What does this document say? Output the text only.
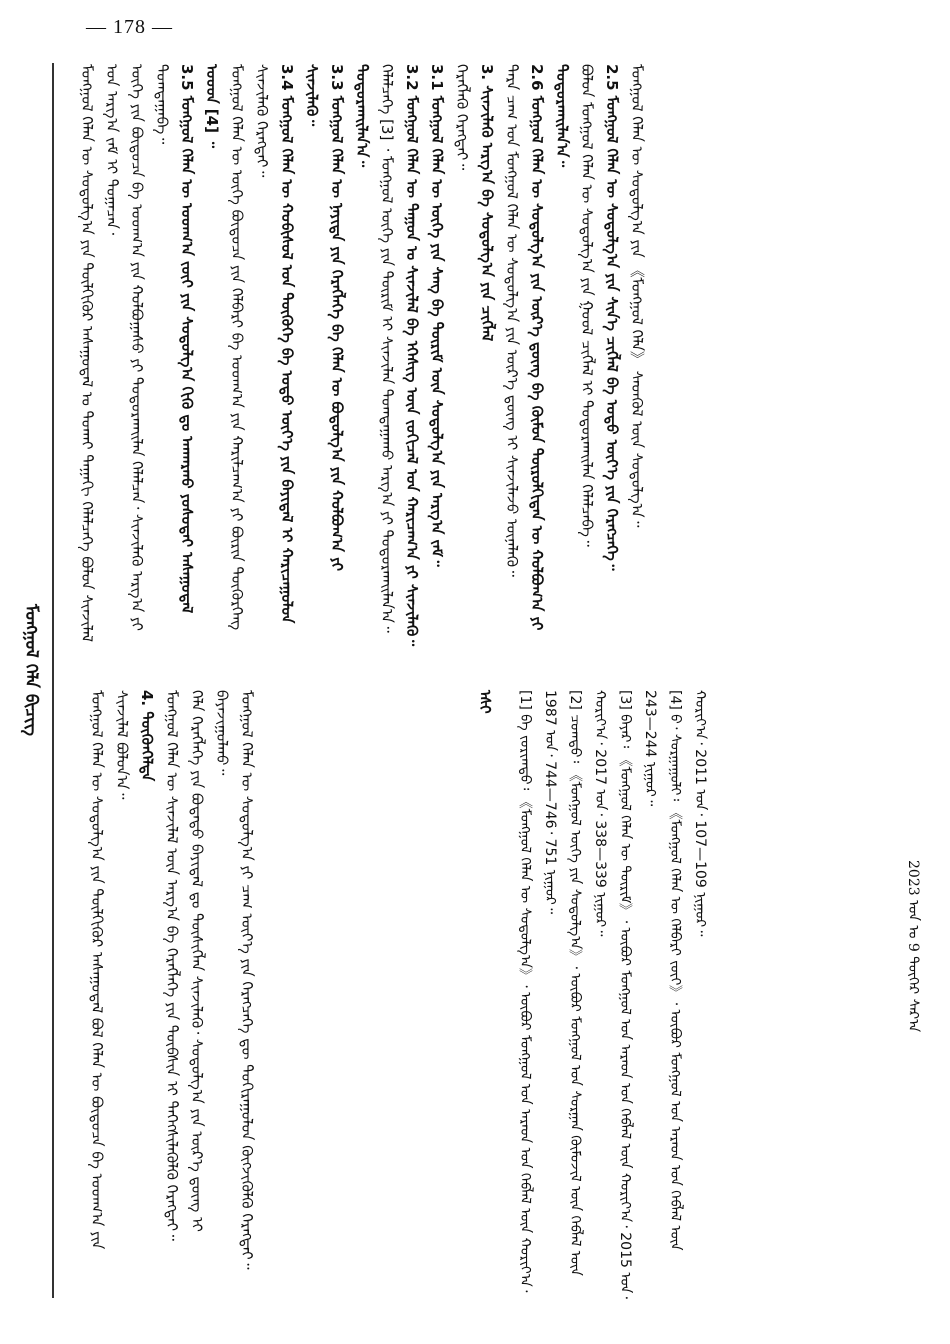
— 178 —
ᠮᠣᠩᠭᠣᠯ ᠬᠡᠯᠡ ᠪᠢᠴᠢᠭ᠌

ᠮᠣᠩᠭᠣᠯ ᠬᠡᠯᠡᠨ ᠦ ᠰᠤᠳᠤᠯᠭ᠎ᠠ ᠶᠢᠨ ᠲᠦᠯᠬᠢᠭᠦᠷ ᠠᠰᠠᠭᠤᠳᠠᠯ ᠤ ᠲᠤᠬᠠᠢ ᠳᠠᠭᠠᠬᠢ ᠬᠡᠯᠡᠯᠴᠡᠭᠡ ᠪᠣᠯᠤᠨ ᠰᠢᠨᠵᠢᠯᠡᠯ ᠤᠨ ᠠᠷᠭ᠎ᠠ ᠵᠠᠮ ᠢ ᠲᠣᠭᠠᠴᠠᠨ᠂ ᠦᠭᠡ ᠶᠢᠨ ᠪᠦᠲᠦᠴᠡ ᠪᠠ ᠤᠳᠬ᠎ᠠ ᠶᠢᠨ ᠬᠣᠯᠪᠣᠭᠠᠰᠤ ᠶᠢ ᠲᠣᠳᠤᠷᠬᠠᠢᠯᠠᠨ ᠬᠡᠯᠡᠯᠴᠡᠨ᠂ ᠰᠢᠨᠵᠢᠯᠡᠬᠦ ᠠᠷᠭ᠎ᠠ ᠶᠢ ᠲᠣᠭᠲᠠᠭᠠᠪᠠ᠃ 3.5 ᠮᠣᠩᠭᠣᠯ ᠬᠡᠯᠡᠨ ᠦ ᠤᠳᠬ᠎ᠠ ᠵᠦᠢ ᠶᠢᠨ ᠰᠤᠳᠤᠯᠭ᠎ᠠ ᠬᠢᠬᠦ ᠳᠤ ᠠᠨᠬᠠᠷᠬᠤ ᠶᠣᠰᠣᠲᠠᠢ ᠠᠰᠠᠭᠤᠳᠠᠯ ᠤᠤᠳ [4] ᠃ ᠮᠣᠩᠭᠣᠯ ᠬᠡᠯᠡᠨ ᠦ ᠦᠭᠡ ᠪᠦᠲᠦᠴᠡ ᠶᠢᠨ ᠬᠡᠯᠪᠡᠷᠢ ᠪᠠ ᠤᠳᠬ᠎ᠠ ᠶᠢᠨ ᠬᠠᠷᠢᠯᠴᠠᠭ᠎ᠠ ᠶᠢ ᠪᠦᠷᠢᠨ ᠳᠦᠭᠦᠷᠭᠡᠩ ᠰᠢᠨᠵᠢᠯᠡᠬᠦ ᠬᠡᠷᠡᠭᠲᠡᠢ᠃ 3.4 ᠮᠣᠩᠭᠣᠯ ᠬᠡᠯᠡᠨ ᠦ ᠬᠣᠪᠢᠰᠤᠯ ᠤᠨ ᠲᠦᠭᠦᠬᠡ ᠪᠠ ᠣᠳᠣ ᠦᠶ᠎ᠡ ᠶᠢᠨ ᠪᠠᠶᠢᠳᠠᠯ ᠢ ᠬᠠᠷᠢᠴᠠᠭᠤᠯᠤᠨ ᠰᠢᠨᠵᠢᠯᠡᠬᠦ᠃ 3.3 ᠮᠣᠩᠭᠣᠯ ᠬᠡᠯᠡᠨ ᠦ ᠨᠡᠶᠢᠲᠡ ᠶᠢᠨ ᠬᠡᠷᠡᠭᠯᠡᠭᠡ ᠪᠠ ᠬᠡᠯᠡᠨ ᠦ ᠪᠣᠳᠤᠯᠭ᠎ᠠ ᠶᠢᠨ ᠬᠣᠯᠪᠣᠭ᠎ᠠ ᠶᠢ ᠲᠣᠳᠤᠷᠬᠠᠢᠯᠠᠨ᠎ᠠ᠃ ᠬᠡᠯᠡᠯᠴᠡᠭᠡ [3] ᠂ ᠮᠣᠩᠭᠣᠯ ᠦᠭᠡ ᠶᠢᠨ ᠳᠦᠷᠢᠮ ᠢ ᠰᠢᠨᠵᠢᠯᠡᠨ ᠲᠣᠭᠲᠠᠭᠠᠬᠤ ᠠᠷᠭ᠎ᠠ ᠶᠢ ᠲᠣᠳᠤᠷᠬᠠᠢᠯᠠᠨ᠎ᠠ᠃ 3.2 ᠮᠣᠩᠭᠣᠯ ᠬᠡᠯᠡᠨ ᠦ ᠳᠠᠭᠤᠨ ᠤ ᠰᠢᠨᠵᠢᠯᠡᠯ ᠪᠠ ᠡᠭᠡᠰᠢᠭ ᠦᠨ ᠵᠣᠬᠢᠴᠠᠯ ᠤᠨ ᠬᠠᠷᠢᠴᠠᠭ᠎ᠠ ᠶᠢ ᠰᠢᠨᠵᠢᠯᠡᠬᠦ᠃ 3.1 ᠮᠣᠩᠭᠣᠯ ᠬᠡᠯᠡᠨ ᠦ ᠦᠭᠡ ᠶᠢᠨ ᠰᠠᠩ ᠪᠠ ᠳᠦᠷᠢᠮ ᠦᠨ ᠰᠤᠳᠤᠯᠭ᠎ᠠ ᠶᠢᠨ ᠠᠷᠭ᠎ᠠ ᠵᠠᠮ᠃ ᠬᠡᠷᠡᠭᠯᠡᠬᠦ ᠬᠡᠷᠡᠭᠲᠡᠢ᠃ 3. ᠰᠢᠨᠵᠢᠯᠡᠬᠦ ᠠᠷᠭ᠎ᠠ ᠪᠠ ᠰᠤᠳᠤᠯᠭ᠎ᠠ ᠶᠢᠨ ᠴᠢᠭᠯᠡᠯ ᠲᠡᠷᠡ ᠴᠠᠭ ᠤᠨ ᠮᠣᠩᠭᠣᠯ ᠬᠡᠯᠡᠨ ᠦ ᠰᠤᠳᠤᠯᠭ᠎ᠠ ᠶᠢᠨ ᠦᠷ᠎ᠡ ᠳ᠋ᠦᠩ ᠢ ᠰᠢᠨᠵᠢᠯᠡᠵᠦ ᠦᠨᠡᠯᠡᠬᠦ᠃ 2.6 ᠮᠣᠩᠭᠣᠯ ᠬᠡᠯᠡᠨ ᠦ ᠰᠤᠳᠤᠯᠭ᠎ᠠ ᠶᠢᠨ ᠦᠷ᠎ᠡ ᠳ᠋ᠦᠩ ᠪᠠ ᠬᠦᠮᠦᠨ ᠲᠦᠷᠦᠯᠬᠢᠲᠡᠨ ᠦ ᠬᠣᠯᠪᠣᠭ᠎ᠠ ᠶᠢ ᠲᠣᠳᠤᠷᠬᠠᠢᠯᠠᠨ᠎ᠠ᠃ ᠪᠣᠯᠤᠨ ᠮᠣᠩᠭᠣᠯ ᠬᠡᠯᠡᠨ ᠦ ᠰᠤᠳᠤᠯᠭ᠎ᠠ ᠶᠢᠨ ᠭᠣᠣᠯ ᠴᠢᠭᠯᠡᠯ ᠢ ᠲᠣᠳᠤᠷᠬᠠᠢᠯᠠᠨ ᠬᠡᠯᠡᠯᠴᠡᠪᠡ᠃ 2.5 ᠮᠣᠩᠭᠣᠯ ᠬᠡᠯᠡᠨ ᠦ ᠰᠤᠳᠤᠯᠭ᠎ᠠ ᠶᠢᠨ ᠰᠢᠨ᠎ᠡ ᠴᠢᠭᠯᠡᠯ ᠪᠠ ᠣᠳᠣ ᠦᠶ᠎ᠡ ᠶᠢᠨ ᠬᠡᠷᠡᠭᠴᠡᠭᠡ᠃ ᠮᠣᠩᠭᠣᠯ ᠬᠡᠯᠡᠨ ᠦ ᠰᠤᠳᠤᠯᠭ᠎ᠠ ᠶᠢᠨ 《ᠮᠣᠩᠭᠣᠯ ᠬᠡᠯᠡ》 ᠰᠡᠳᠬᠦᠯ ᠦᠨ ᠰᠤᠳᠤᠯᠭ᠎ᠠ᠃

ᠮᠣᠩᠭᠣᠯ ᠬᠡᠯᠡᠨ ᠦ ᠰᠤᠳᠤᠯᠭ᠎ᠠ ᠶᠢᠨ ᠲᠦᠯᠬᠢᠭᠦᠷ ᠠᠰᠠᠭᠤᠳᠠᠯ ᠪᠣᠯ ᠬᠡᠯᠡᠨ ᠦ ᠪᠦᠲᠦᠴᠡ ᠪᠠ ᠤᠳᠬ᠎ᠠ ᠶᠢᠨ ᠰᠢᠨᠵᠢᠯᠡᠯ ᠪᠣᠯᠤᠨ᠎ᠠ᠃ 4. ᠳᠦᠭᠦᠨᠭᠡᠯᠲᠡ ᠮᠣᠩᠭᠣᠯ ᠬᠡᠯᠡᠨ ᠦ ᠰᠢᠨᠵᠢᠯᠡᠯ ᠦᠨ ᠠᠷᠭ᠎ᠠ ᠪᠠ ᠬᠡᠷᠡᠭᠯᠡᠭᠡ ᠶᠢᠨ ᠲᠦᠪᠰᠢᠨ ᠢ ᠳᠡᠭᠡᠭᠰᠢᠯᠡᠭᠦᠯᠬᠦ ᠬᠡᠷᠡᠭᠲᠡᠢ᠃ ᠬᠡᠯᠡ ᠬᠡᠷᠡᠭᠯᠡᠭᠡ ᠶᠢᠨ ᠪᠣᠳᠠᠲᠤ ᠪᠠᠶᠢᠳᠠᠯ ᠳᠤ ᠲᠦᠰᠢᠭᠯᠡᠨ ᠰᠢᠨᠵᠢᠯᠡᠬᠦ᠂ ᠰᠤᠳᠤᠯᠭ᠎ᠠ ᠶᠢᠨ ᠦᠷ᠎ᠡ ᠳ᠋ᠦᠩ ᠢ ᠪᠠᠶᠠᠵᠢᠭᠤᠯᠬᠤ᠃ ᠮᠣᠩᠭᠣᠯ ᠬᠡᠯᠡᠨ ᠦ ᠰᠤᠳᠤᠯᠭ᠎ᠠ ᠶᠢ ᠴᠠᠭ ᠦᠶ᠎ᠡ ᠶᠢᠨ ᠬᠡᠷᠡᠭᠴᠡᠭᠡ ᠳᠦ ᠲᠣᠬᠢᠷᠠᠭᠤᠯᠤᠨ ᠬᠦᠭᠵᠢᠭᠦᠯᠬᠦ ᠬᠡᠷᠡᠭᠲᠡᠢ᠃	ᠡᠰᠢ	[1] ᠪᠠ ᠵᠣᠷᠢᠭᠲᠤ᠄ 《ᠮᠣᠩᠭᠣᠯ ᠬᠡᠯᠡᠨ ᠦ ᠰᠤᠳᠤᠯᠭ᠎ᠠ》᠂ ᠦᠪᠦᠷ ᠮᠣᠩᠭᠣᠯ ᠤᠨ ᠠᠷᠠᠳ ᠤᠨ ᠬᠡᠪᠯᠡᠯ ᠦᠨ ᠬᠣᠷᠢᠶ᠎ᠠ᠂ 1987 ᠣᠨ᠂ 744—746᠂ 751 ᠨᠢᠭᠤᠷ᠃ [2] ᠴᠣᠭᠲᠤ᠄ 《ᠮᠣᠩᠭᠣᠯ ᠦᠭᠡ ᠶᠢᠨ ᠰᠤᠳᠤᠯᠭ᠎ᠠ》᠂ ᠦᠪᠦᠷ ᠮᠣᠩᠭᠣᠯ ᠤᠨ ᠰᠤᠷᠭᠠᠨ ᠬᠦᠮᠦᠵᠢᠯ ᠦᠨ ᠬᠡᠪᠯᠡᠯ ᠦᠨ ᠬᠣᠷᠢᠶ᠎ᠠ᠂ 2017 ᠣᠨ᠂ 338—339 ᠨᠢᠭᠤᠷ᠃ [3] ᠪᠠᠶᠠᠷ᠄ 《ᠮᠣᠩᠭᠣᠯ ᠬᠡᠯᠡᠨ ᠦ ᠳᠦᠷᠢᠮ》᠂ ᠦᠪᠦᠷ ᠮᠣᠩᠭᠣᠯ ᠤᠨ ᠠᠷᠠᠳ ᠤᠨ ᠬᠡᠪᠯᠡᠯ ᠦᠨ ᠬᠣᠷᠢᠶ᠎ᠠ᠂ 2015 ᠣᠨ᠂ 243—244 ᠨᠢᠭᠤᠷ᠃ [4] ᠪ᠂ ᠰᠤᠷᠭᠠᠭᠤᠯᠢ᠄ 《ᠮᠣᠩᠭᠣᠯ ᠬᠡᠯᠡᠨ ᠦ ᠬᠡᠯᠪᠡᠷᠢ ᠵᠦᠢ》᠂ ᠦᠪᠦᠷ ᠮᠣᠩᠭᠣᠯ ᠤᠨ ᠠᠷᠠᠳ ᠤᠨ ᠬᠡᠪᠯᠡᠯ ᠦᠨ ᠬᠣᠷᠢᠶ᠎ᠠ᠂ 2011 ᠣᠨ᠂ 107—109 ᠨᠢᠭᠤᠷ᠃

2023 ᠣᠨ ᠤ 9 ᠳᠦᠭᠡᠷ ᠰᠠᠷ᠎ᠠ
